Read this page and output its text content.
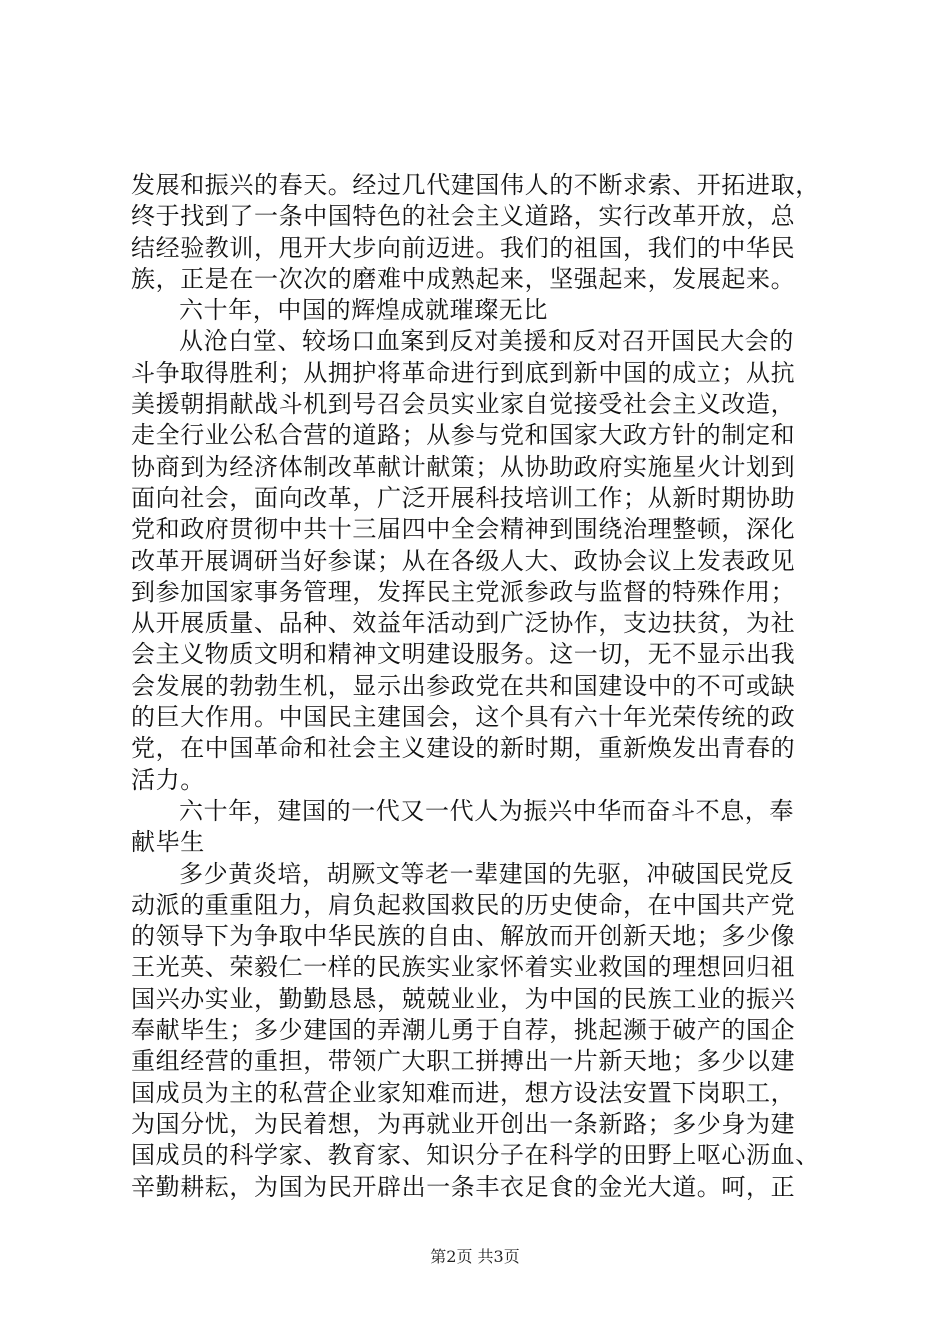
发展和振兴的春天。经过几代建国伟人的不断求索、开拓进取，
终于找到了一条中国特色的社会主义道路，实行改革开放，总
结经验教训，甩开大步向前迈进。我们的祖国，我们的中华民
族，正是在一次次的磨难中成熟起来，坚强起来，发展起来。
六十年，中国的辉煌成就璀璨无比
从沧白堂、较场口血案到反对美援和反对召开国民大会的
斗争取得胜利；从拥护将革命进行到底到新中国的成立；从抗
美援朝捐献战斗机到号召会员实业家自觉接受社会主义改造，
走全行业公私合营的道路；从参与党和国家大政方针的制定和
协商到为经济体制改革献计献策；从协助政府实施星火计划到
面向社会，面向改革，广泛开展科技培训工作；从新时期协助
党和政府贯彻中共十三届四中全会精神到围绕治理整顿，深化
改革开展调研当好参谋；从在各级人大、政协会议上发表政见
到参加国家事务管理，发挥民主党派参政与监督的特殊作用；
从开展质量、品种、效益年活动到广泛协作，支边扶贫，为社
会主义物质文明和精神文明建设服务。这一切，无不显示出我
会发展的勃勃生机，显示出参政党在共和国建设中的不可或缺
的巨大作用。中国民主建国会，这个具有六十年光荣传统的政
党，在中国革命和社会主义建设的新时期，重新焕发出青春的
活力。
六十年，建国的一代又一代人为振兴中华而奋斗不息，奉
献毕生
多少黄炎培，胡厥文等老一辈建国的先驱，冲破国民党反
动派的重重阻力，肩负起救国救民的历史使命，在中国共产党
的领导下为争取中华民族的自由、解放而开创新天地；多少像
王光英、荣毅仁一样的民族实业家怀着实业救国的理想回归祖
国兴办实业，勤勤恳恳，兢兢业业，为中国的民族工业的振兴
奉献毕生；多少建国的弄潮儿勇于自荐，挑起濒于破产的国企
重组经营的重担，带领广大职工拼搏出一片新天地；多少以建
国成员为主的私营企业家知难而进，想方设法安置下岗职工，
为国分忧，为民着想，为再就业开创出一条新路；多少身为建
国成员的科学家、教育家、知识分子在科学的田野上呕心沥血、
辛勤耕耘，为国为民开辟出一条丰衣足食的金光大道。呵，正
第2页 共3页
